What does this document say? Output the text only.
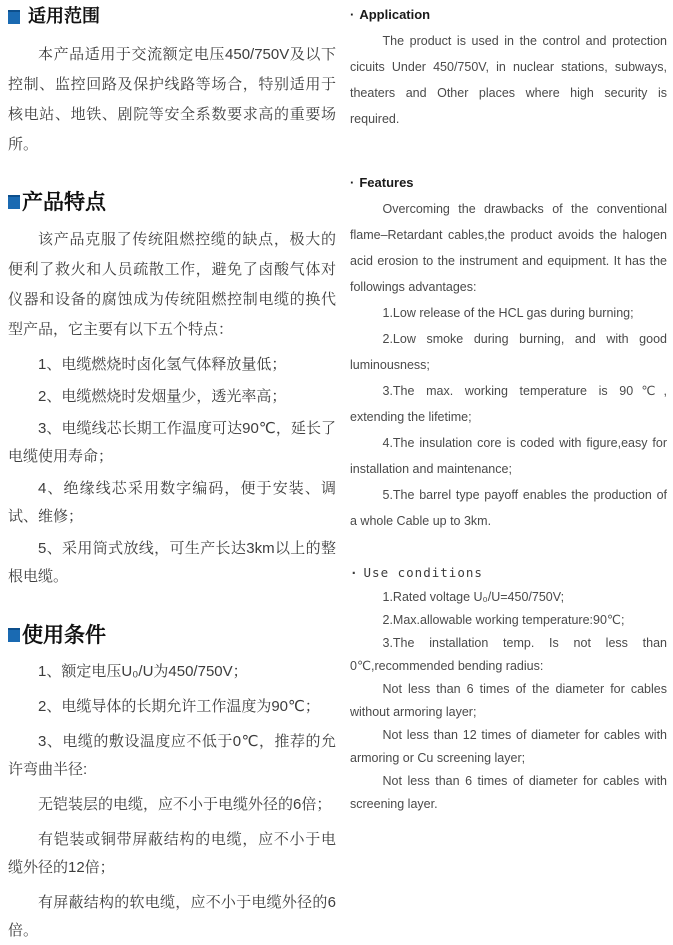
适用范围

本产品适用于交流额定电压450/750V及以下控制、监控回路及保护线路等场合，特别适用于核电站、地铁、剧院等安全系数要求高的重要场所。

产品特点

该产品克服了传统阻燃控缆的缺点，极大的便利了救火和人员疏散工作，避免了卤酸气体对仪器和设备的腐蚀成为传统阻燃控制电缆的换代型产品，它主要有以下五个特点：

1、电缆燃烧时卤化氢气体释放量低；

2、电缆燃烧时发烟量少，透光率高；

3、电缆线芯长期工作温度可达90℃，延长了电缆使用寿命；

4、绝缘线芯采用数字编码，便于安装、调试、维修；

5、采用筒式放线，可生产长达3km以上的整根电缆。

使用条件

1、额定电压U₀/U为450/750V；

2、电缆导体的长期允许工作温度为90℃；

3、电缆的敷设温度应不低于0℃，推荐的允许弯曲半径:

无铠装层的电缆，应不小于电缆外径的6倍；

有铠装或铜带屏蔽结构的电缆，应不小于电缆外径的12倍；

有屏蔽结构的软电缆，应不小于电缆外径的6倍。

· Application

The product is used in the control and protection cicuits Under 450/750V, in nuclear stations, subways, theaters and Other places where high security is required.

· Features

Overcoming the drawbacks of the conventional flame–Retardant cables,the product avoids the halogen acid erosion to the instrument and equipment. It has the followings advantages:

1.Low release of the HCL gas during burning;

2.Low smoke during burning, and with good luminousness;

3.The max. working temperature is 90℃, extending the lifetime;

4.The insulation core is coded with figure,easy for installation and maintenance;

5.The barrel type payoff enables the production of a whole Cable up to 3km.

· Use conditions

1.Rated voltage U₀/U=450/750V;

2.Max.allowable working temperature:90℃;

3.The installation temp. Is not less than 0℃,recommended bending radius:

Not less than 6 times of the diameter for cables without armoring layer;

Not less than 12 times of diameter for cables with armoring or Cu screening layer;

Not less than 6 times of diameter for cables with screening layer.
